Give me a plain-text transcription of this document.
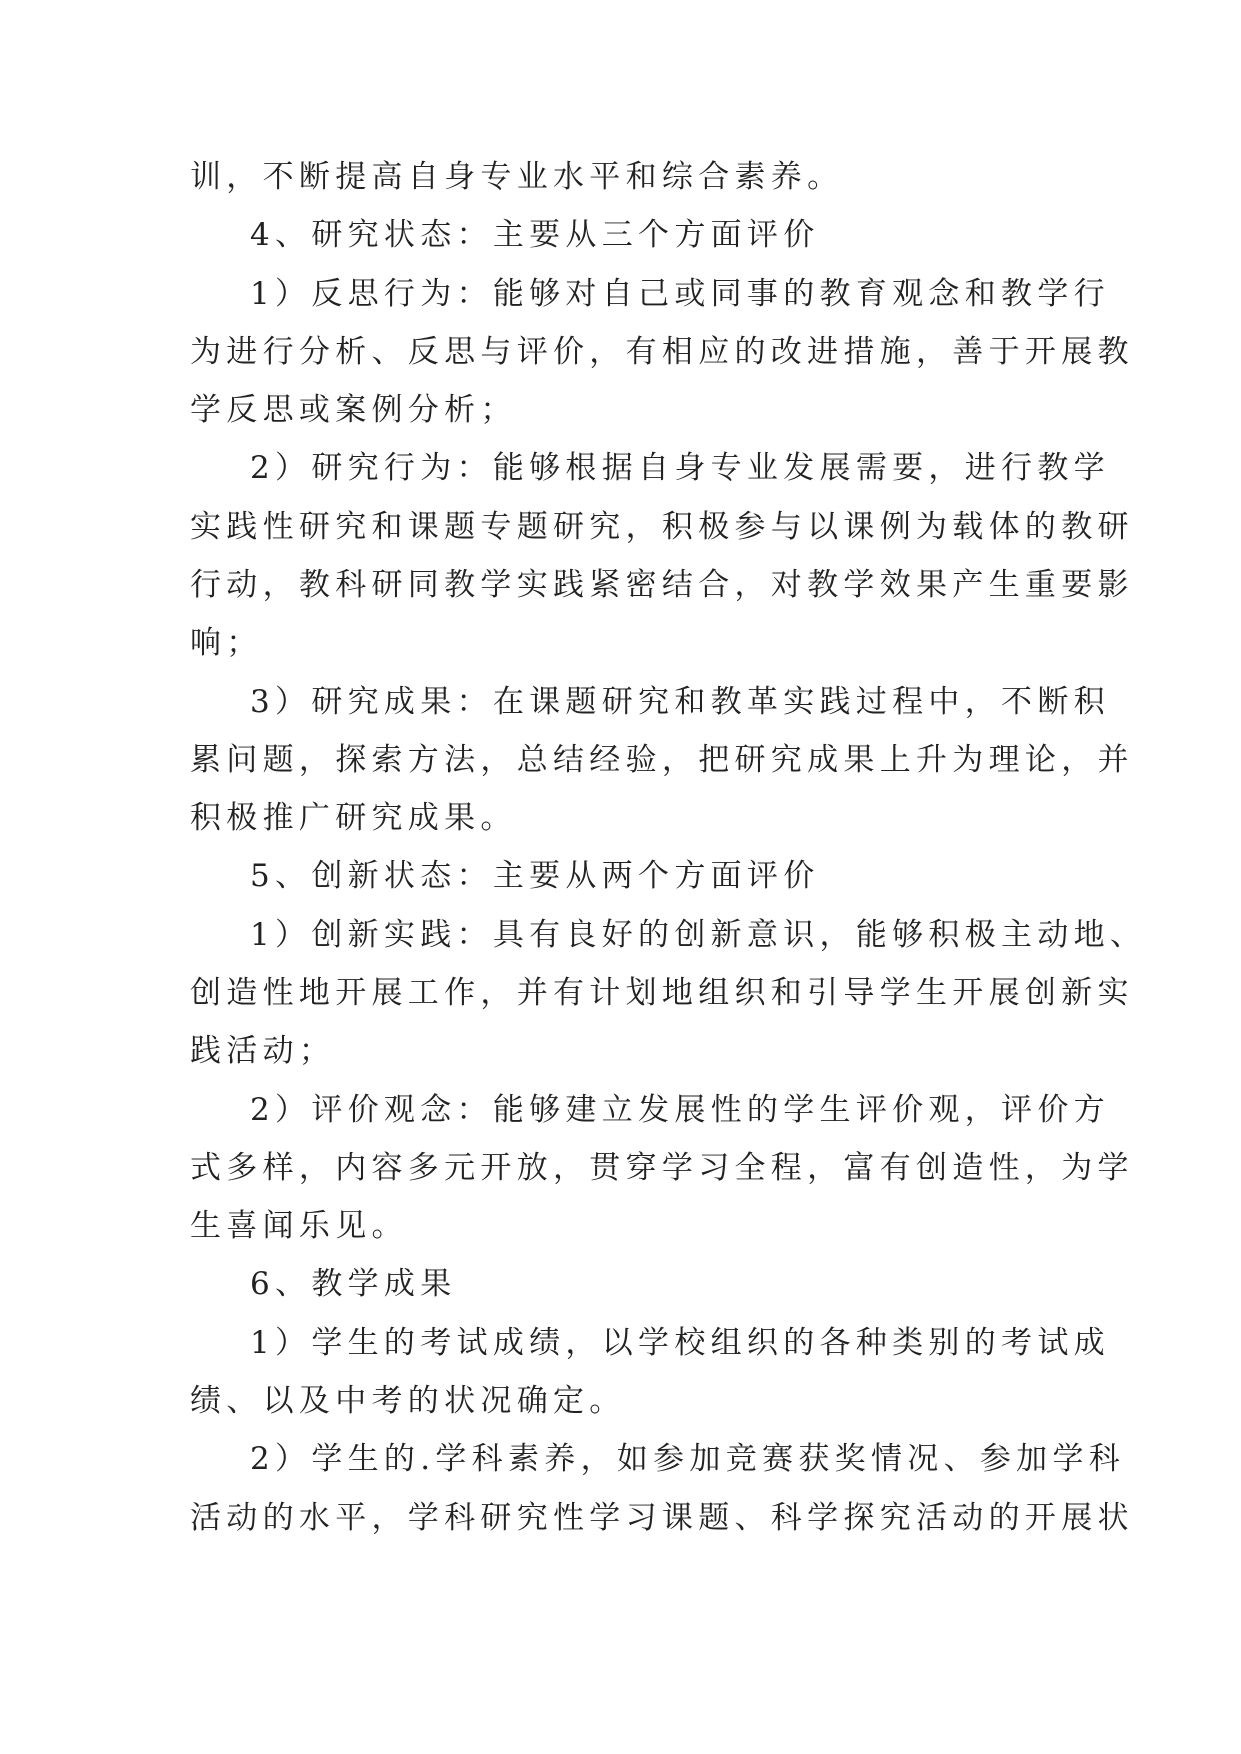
训，不断提高自身专业水平和综合素养。
4、研究状态：主要从三个方面评价
1）反思行为：能够对自己或同事的教育观念和教学行
为进行分析、反思与评价，有相应的改进措施，善于开展教
学反思或案例分析；
2）研究行为：能够根据自身专业发展需要，进行教学
实践性研究和课题专题研究，积极参与以课例为载体的教研
行动，教科研同教学实践紧密结合，对教学效果产生重要影
响；
3）研究成果：在课题研究和教革实践过程中，不断积
累问题，探索方法，总结经验，把研究成果上升为理论，并
积极推广研究成果。
5、创新状态：主要从两个方面评价
1）创新实践：具有良好的创新意识，能够积极主动地、
创造性地开展工作，并有计划地组织和引导学生开展创新实
践活动；
2）评价观念：能够建立发展性的学生评价观，评价方
式多样，内容多元开放，贯穿学习全程，富有创造性，为学
生喜闻乐见。
6、教学成果
1）学生的考试成绩，以学校组织的各种类别的考试成
绩、以及中考的状况确定。
2）学生的.学科素养，如参加竞赛获奖情况、参加学科
活动的水平，学科研究性学习课题、科学探究活动的开展状
